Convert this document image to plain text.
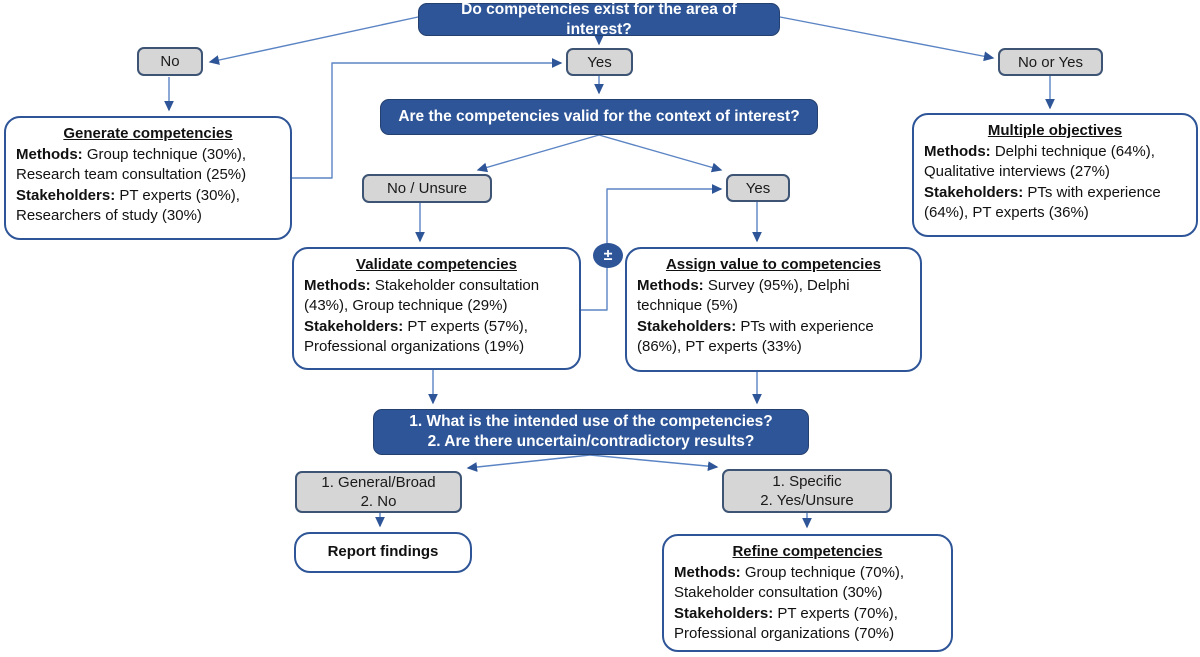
Do competencies exist for the area of interest?
Are the competencies valid for the context of interest?
1. What is the intended use of the competencies?
2. Are there uncertain/contradictory results?
No	Yes	No or Yes
No / Unsure	Yes
1. General/Broad
2. No
1. Specific
2. Yes/Unsure
±
Generate competencies
Methods: Group technique (30%), Research team consultation (25%)
Stakeholders: PT experts (30%), Researchers of study (30%)
Multiple objectives
Methods: Delphi technique (64%), Qualitative interviews (27%)
Stakeholders: PTs with experience (64%), PT experts (36%)
Validate competencies
Methods: Stakeholder consultation (43%), Group technique (29%)
Stakeholders: PT experts (57%), Professional organizations (19%)
Assign value to competencies
Methods: Survey (95%), Delphi technique (5%)
Stakeholders: PTs with experience (86%), PT experts (33%)
Report findings	Refine competencies
Methods: Group technique (70%), Stakeholder consultation (30%)
Stakeholders: PT experts (70%), Professional organizations (70%)
